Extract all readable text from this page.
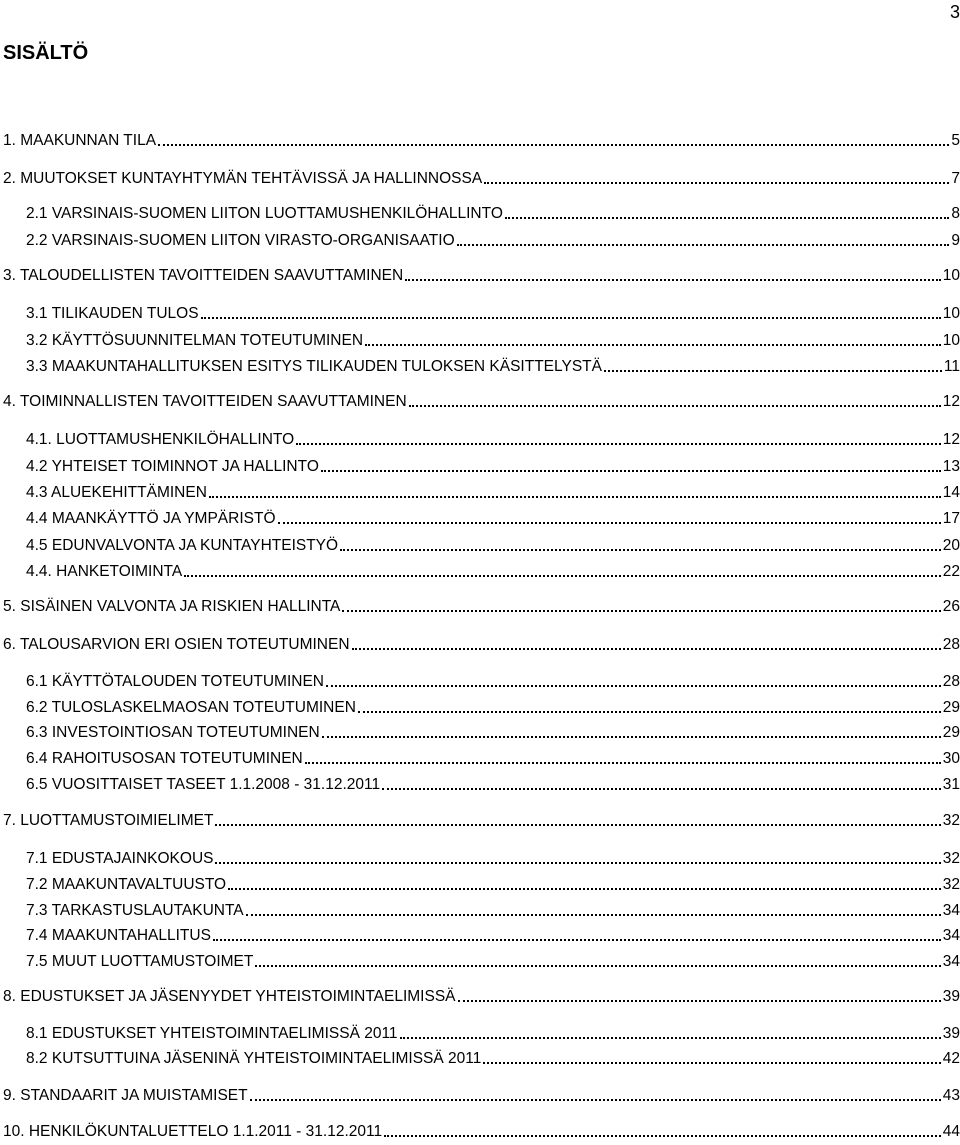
3
SISÄLTÖ
1. MAAKUNNAN TILA	5
2. MUUTOKSET KUNTAYHTYMÄN TEHTÄVISSÄ JA HALLINNOSSA	7
2.1 VARSINAIS-SUOMEN LIITON LUOTTAMUSHENKILÖHALLINTO	8
2.2 VARSINAIS-SUOMEN LIITON VIRASTO-ORGANISAATIO	9
3. TALOUDELLISTEN TAVOITTEIDEN SAAVUTTAMINEN	10
3.1 TILIKAUDEN TULOS	10
3.2 KÄYTTÖSUUNNITELMAN TOTEUTUMINEN	10
3.3 MAAKUNTAHALLITUKSEN ESITYS TILIKAUDEN TULOKSEN KÄSITTELYSTÄ	11
4. TOIMINNALLISTEN TAVOITTEIDEN SAAVUTTAMINEN	12
4.1. LUOTTAMUSHENKILÖHALLINTO	12
4.2 YHTEISET TOIMINNOT JA HALLINTO	13
4.3 ALUEKEHITTÄMINEN	14
4.4 MAANKÄYTTÖ JA YMPÄRISTÖ	17
4.5 EDUNVALVONTA JA KUNTAYHTEISTYÖ	20
4.4. HANKETOIMINTA	22
5. SISÄINEN VALVONTA JA RISKIEN HALLINTA	26
6. TALOUSARVION ERI OSIEN TOTEUTUMINEN	28
6.1 KÄYTTÖTALOUDEN TOTEUTUMINEN	28
6.2 TULOSLASKELMAOSAN TOTEUTUMINEN	29
6.3 INVESTOINTIOSAN TOTEUTUMINEN	29
6.4 RAHOITUSOSAN TOTEUTUMINEN	30
6.5 VUOSITTAISET TASEET 1.1.2008 - 31.12.2011	31
7. LUOTTAMUSTOIMIELIMET	32
7.1 EDUSTAJAINKOKOUS	32
7.2 MAAKUNTAVALTUUSTO	32
7.3 TARKASTUSLAUTAKUNTA	34
7.4 MAAKUNTAHALLITUS	34
7.5 MUUT LUOTTAMUSTOIMET	34
8. EDUSTUKSET JA JÄSENYYDET YHTEISTOIMINTAELIMISSÄ	39
8.1 EDUSTUKSET YHTEISTOIMINTAELIMISSÄ 2011	39
8.2 KUTSUTTUINA JÄSENINÄ YHTEISTOIMINTAELIMISSÄ 2011	42
9. STANDAARIT JA MUISTAMISET	43
10. HENKILÖKUNTALUETTELO 1.1.2011 - 31.12.2011	44
